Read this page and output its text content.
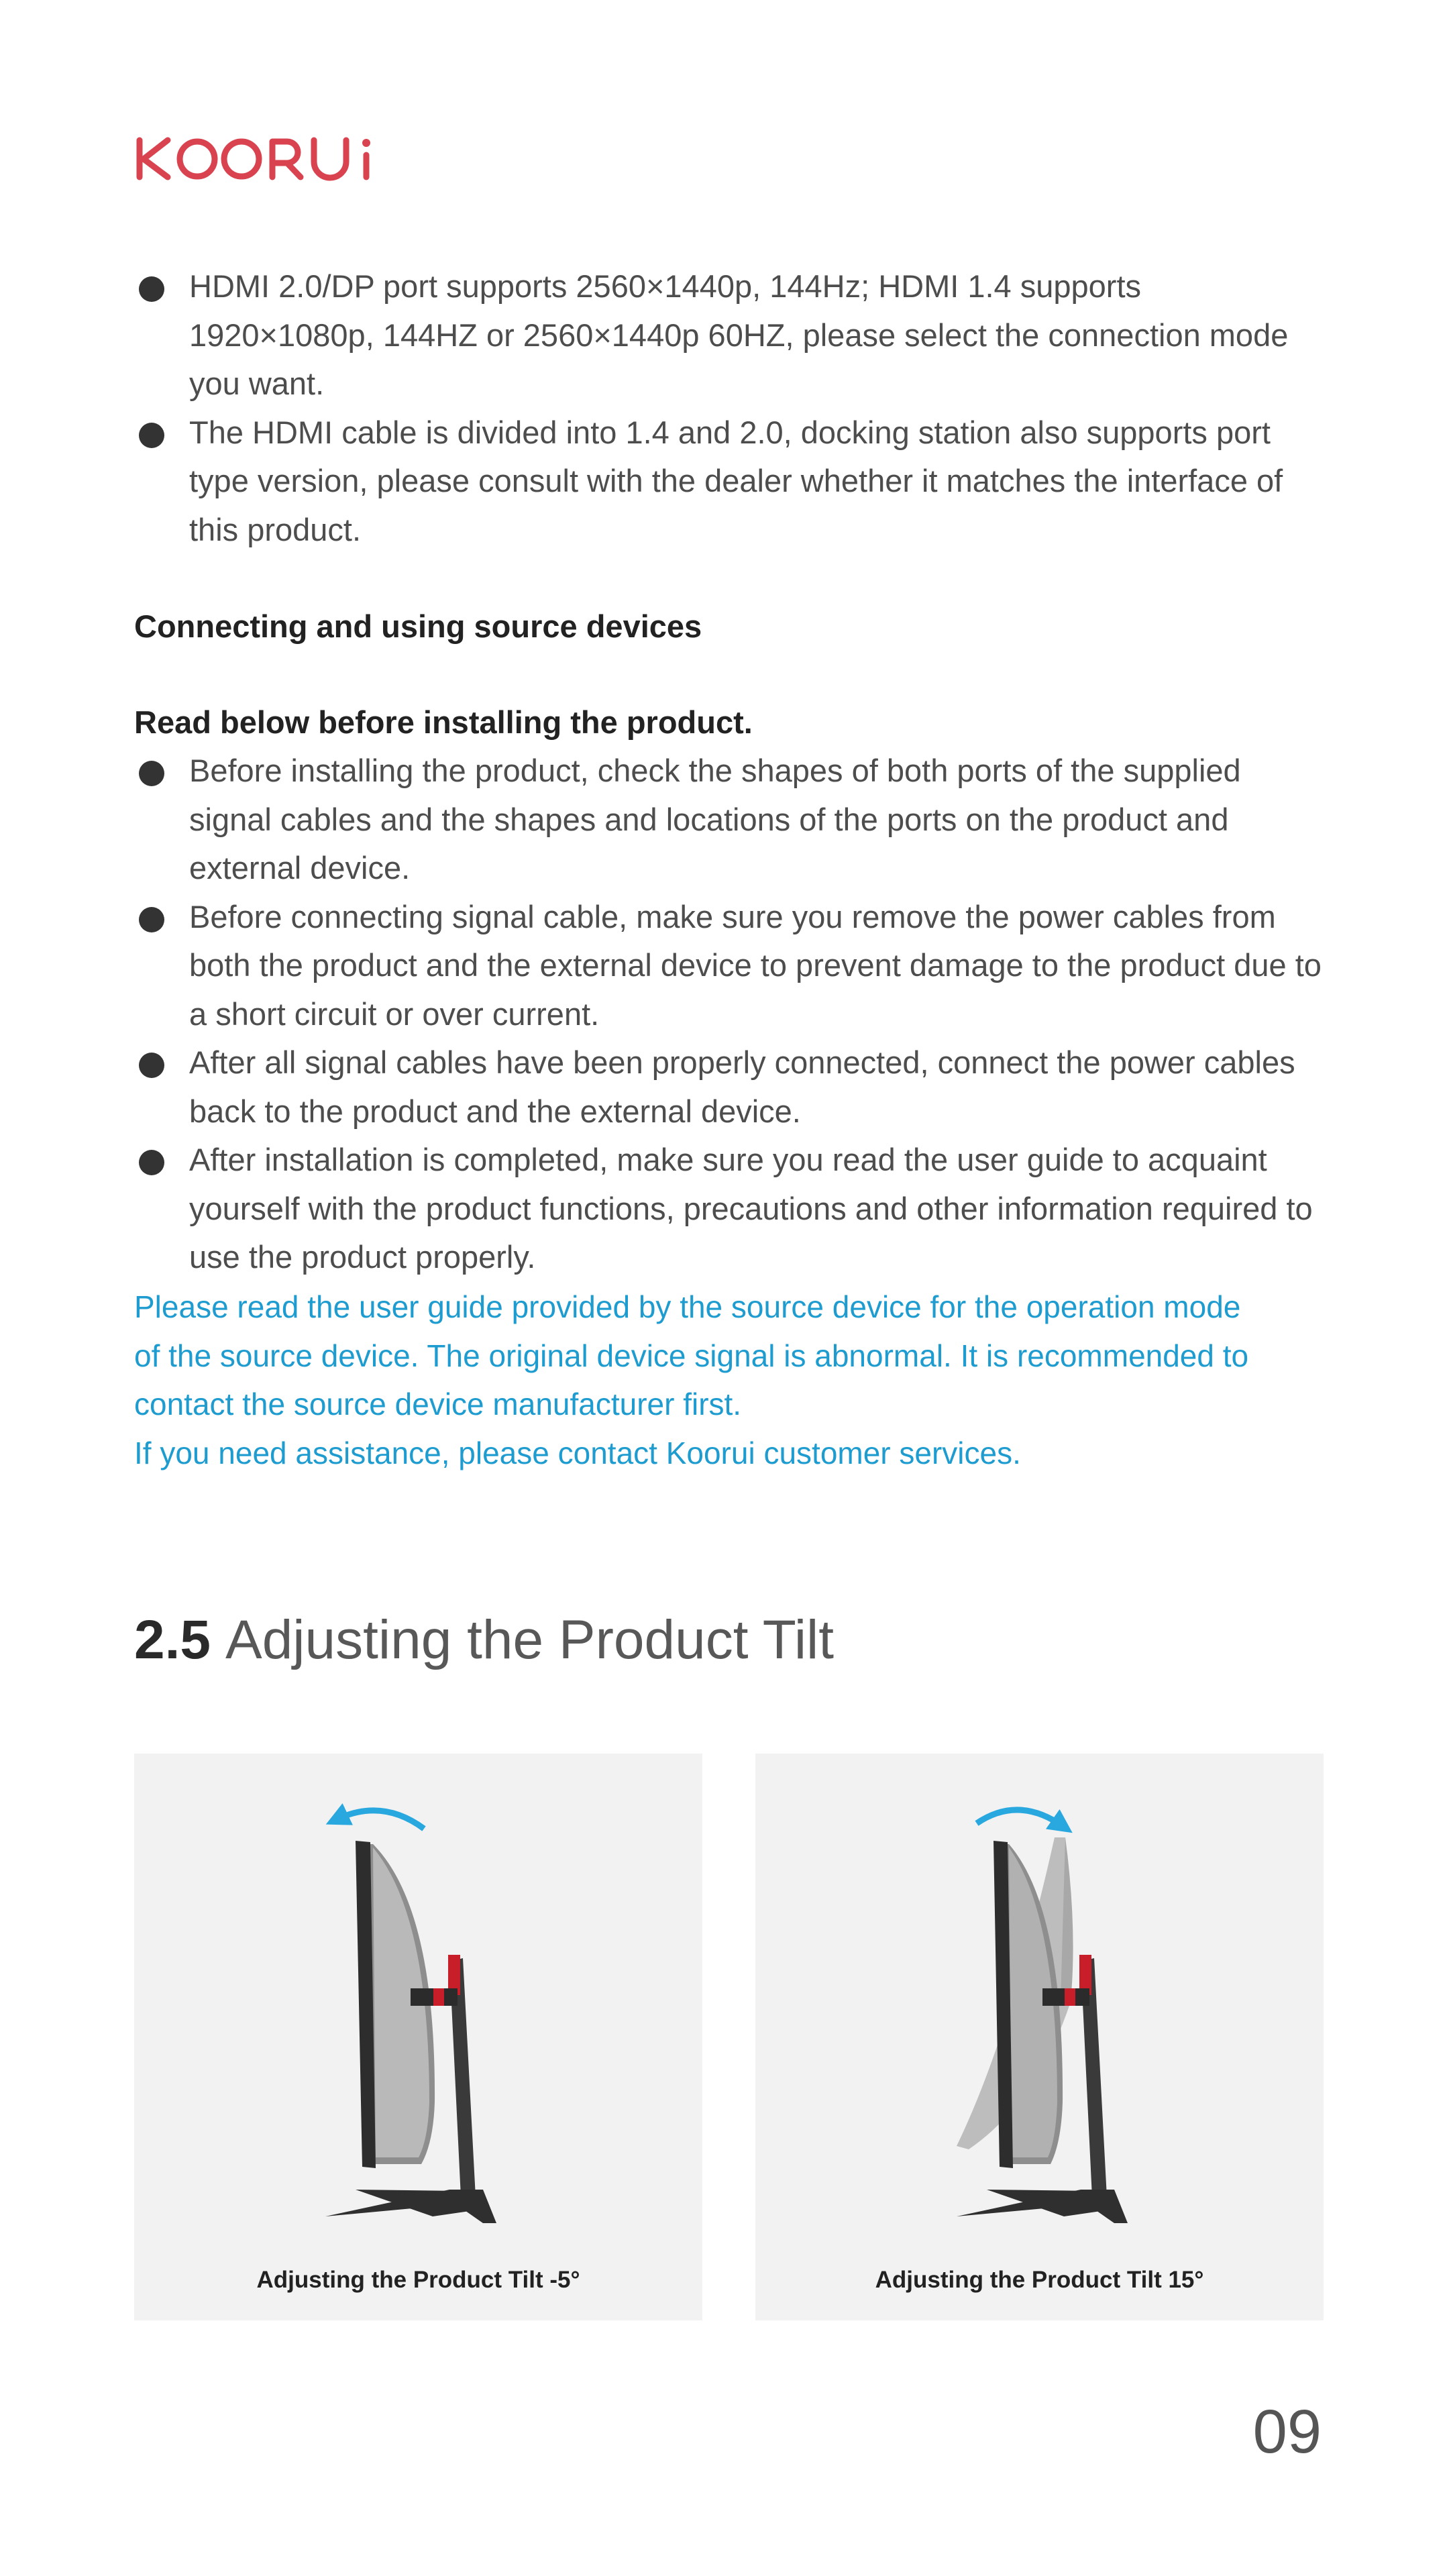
HDMI 2.0/DP port supports 2560×1440p, 144Hz; HDMI 1.4 supports 1920×1080p, 144HZ or 2560×1440p 60HZ, please select the connection mode you want.
The HDMI cable is divided into 1.4 and 2.0, docking station also supports port type version, please consult with the dealer whether it matches the interface of this product.
Connecting and using source devices
Read below before installing the product.
Before installing the product, check the shapes of both ports of the supplied signal cables and the shapes and locations of the ports on the product and external device.
Before connecting signal cable, make sure you remove the power cables from both the product and the external device to prevent damage to the product due to a short circuit or over current.
After all signal cables have been properly connected, connect the power cables back to the product and the external device.
After installation is completed, make sure you read the user guide to acquaint yourself with the product functions, precautions and other information required to use the product properly.

Please read the user guide provided by the source device for the operation mode

of the source device. The original device signal is abnormal. It is recommended to

contact the source device manufacturer first.

If you need assistance, please contact Koorui customer services.

2.5 Adjusting the Product Tilt
Adjusting the Product Tilt -5°	Adjusting the Product Tilt 15°
09
